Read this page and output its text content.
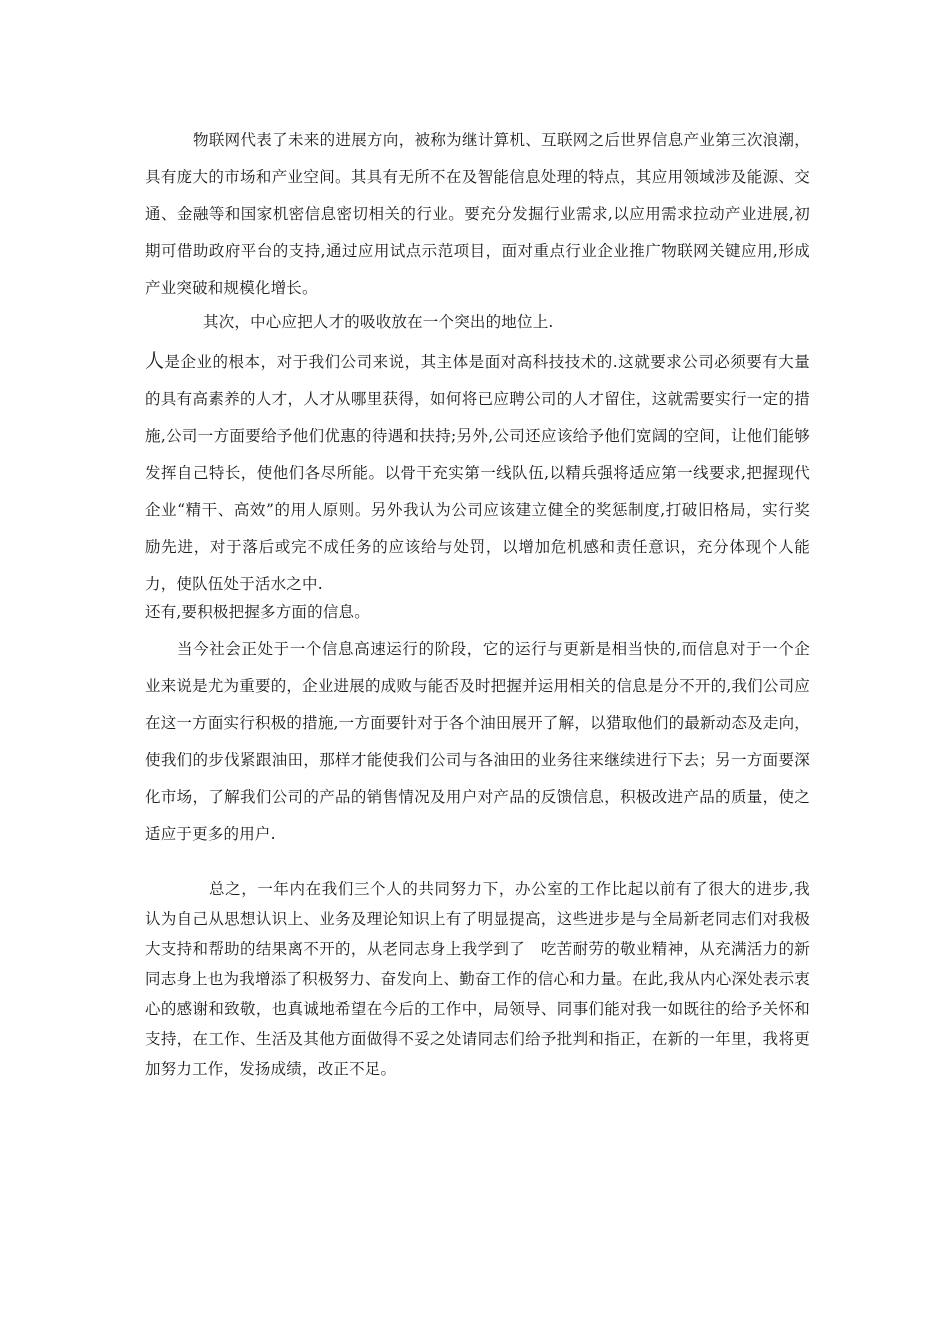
物联网代表了未来的进展方向，被称为继计算机、互联网之后世界信息产业第三次浪潮，具有庞大的市场和产业空间。其具有无所不在及智能信息处理的特点，其应用领域涉及能源、交通、金融等和国家机密信息密切相关的行业。要充分发掘行业需求,以应用需求拉动产业进展,初期可借助政府平台的支持,通过应用试点示范项目，面对重点行业企业推广物联网关键应用,形成产业突破和规模化增长。

其次，中心应把人才的吸收放在一个突出的地位上.

人是企业的根本，对于我们公司来说，其主体是面对高科技技术的.这就要求公司必须要有大量的具有高素养的人才，人才从哪里获得，如何将已应聘公司的人才留住，这就需要实行一定的措施,公司一方面要给予他们优惠的待遇和扶持;另外,公司还应该给予他们宽阔的空间，让他们能够发挥自己特长，使他们各尽所能。以骨干充实第一线队伍,以精兵强将适应第一线要求,把握现代企业“精干、高效”的用人原则。另外我认为公司应该建立健全的奖惩制度,打破旧格局，实行奖励先进，对于落后或完不成任务的应该给与处罚，以增加危机感和责任意识，充分体现个人能力，使队伍处于活水之中.

还有,要积极把握多方面的信息。

当今社会正处于一个信息高速运行的阶段，它的运行与更新是相当快的,而信息对于一个企业来说是尤为重要的，企业进展的成败与能否及时把握并运用相关的信息是分不开的,我们公司应在这一方面实行积极的措施,一方面要针对于各个油田展开了解，以猎取他们的最新动态及走向，使我们的步伐紧跟油田，那样才能使我们公司与各油田的业务往来继续进行下去；另一方面要深化市场，了解我们公司的产品的销售情况及用户对产品的反馈信息，积极改进产品的质量，使之适应于更多的用户.

总之，一年内在我们三个人的共同努力下，办公室的工作比起以前有了很大的进步,我认为自己从思想认识上、业务及理论知识上有了明显提高，这些进步是与全局新老同志们对我极大支持和帮助的结果离不开的，从老同志身上我学到了　吃苦耐劳的敬业精神，从充满活力的新同志身上也为我增添了积极努力、奋发向上、勤奋工作的信心和力量。在此,我从内心深处表示衷心的感谢和致敬，也真诚地希望在今后的工作中，局领导、同事们能对我一如既往的给予关怀和支持，在工作、生活及其他方面做得不妥之处请同志们给予批判和指正，在新的一年里，我将更加努力工作，发扬成绩，改正不足。
